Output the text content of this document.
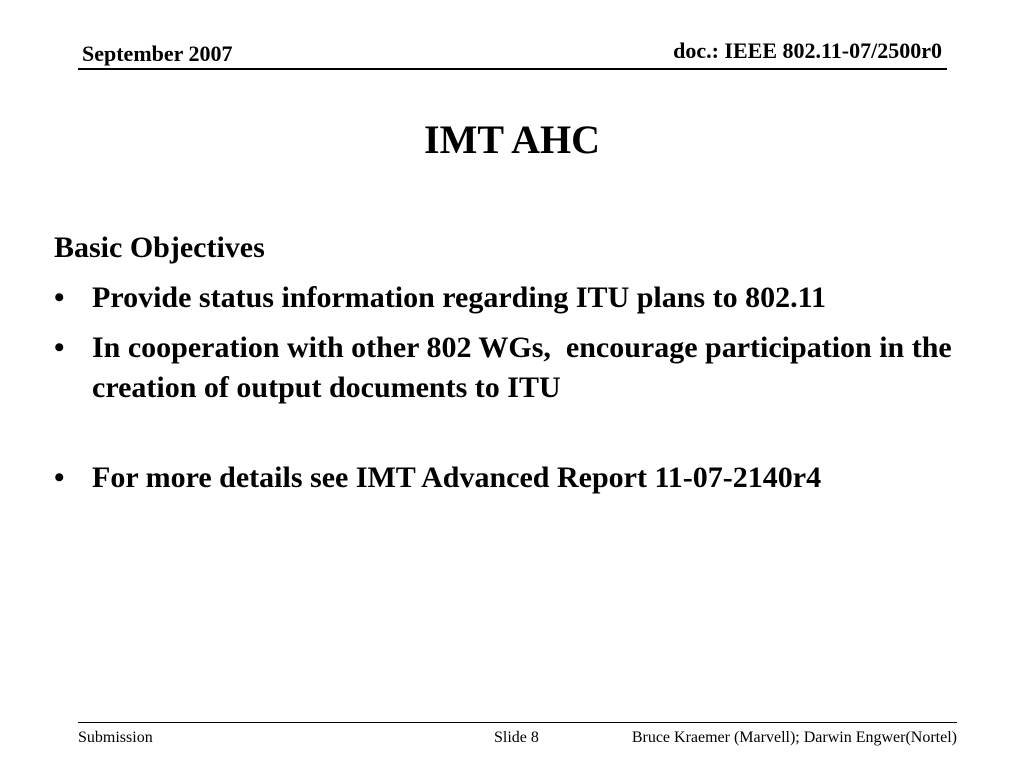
September 2007	doc.: IEEE 802.11-07/2500r0
IMT AHC
Basic Objectives
• Provide status information regarding ITU plans to 802.11
• In cooperation with other 802 WGs,  encourage participation in the creation of output documents to ITU
• For more details see IMT Advanced Report 11-07-2140r4
Submission	Slide 8	Bruce Kraemer (Marvell); Darwin Engwer(Nortel)
